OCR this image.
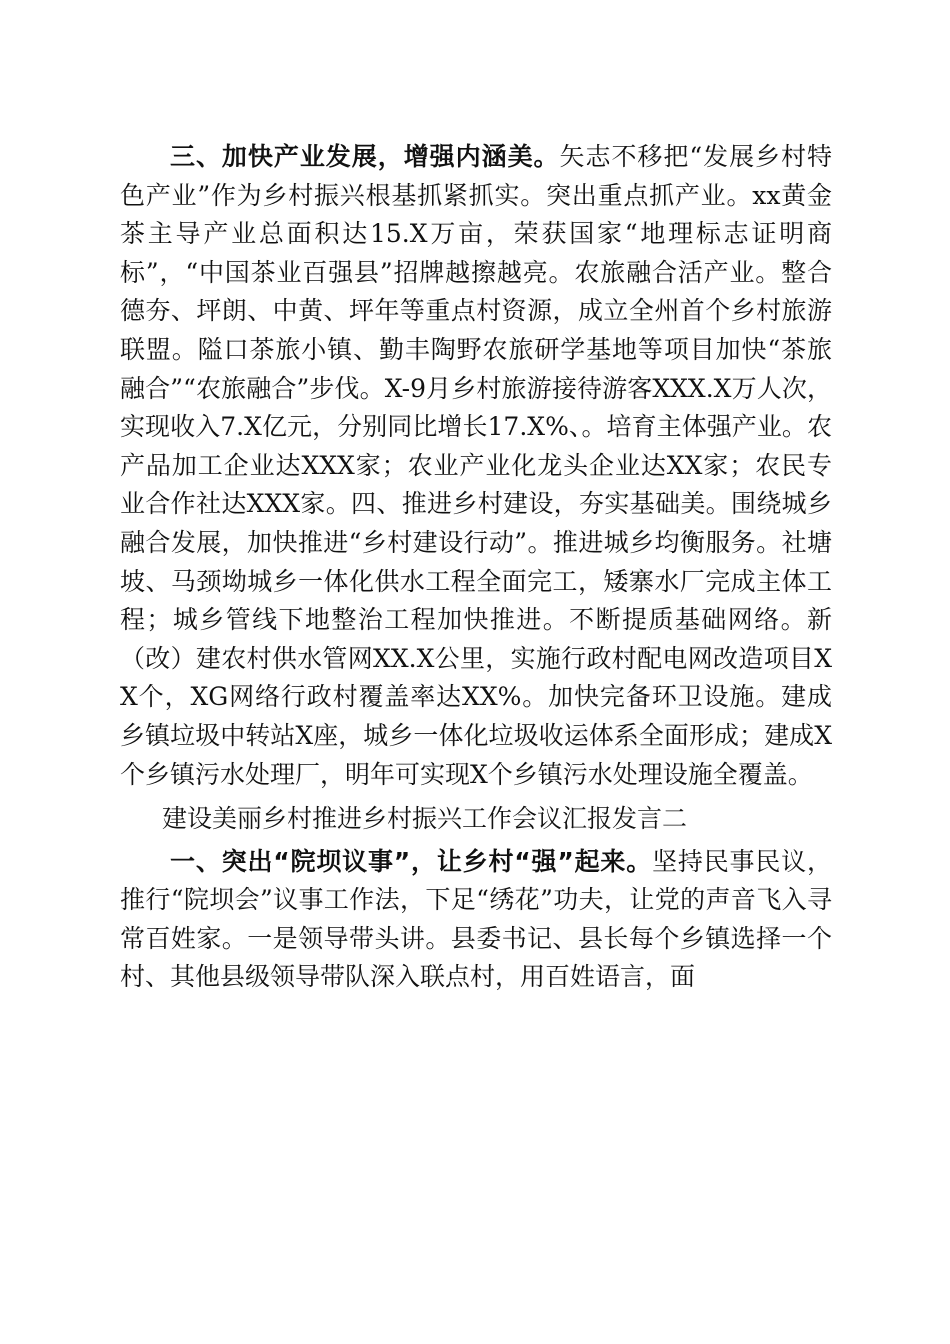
三、加快产业发展，增强内涵美。矢志不移把“发展乡村特色产业”作为乡村振兴根基抓紧抓实。突出重点抓产业。xx黄金茶主导产业总面积达15.X万亩，荣获国家“地理标志证明商标”，“中国茶业百强县”招牌越擦越亮。农旅融合活产业。整合德夯、坪朗、中黄、坪年等重点村资源，成立全州首个乡村旅游联盟。隘口茶旅小镇、勤丰陶野农旅研学基地等项目加快“茶旅融合”“农旅融合”步伐。X-9月乡村旅游接待游客XXX.X万人次，实现收入7.X亿元，分别同比增长17.X%、。培育主体强产业。农产品加工企业达XXX家；农业产业化龙头企业达XX家；农民专业合作社达XXX家。四、推进乡村建设，夯实基础美。围绕城乡融合发展，加快推进“乡村建设行动”。推进城乡均衡服务。社塘坡、马颈坳城乡一体化供水工程全面完工，矮寨水厂完成主体工程；城乡管线下地整治工程加快推进。不断提质基础网络。新（改）建农村供水管网XX.X公里，实施行政村配电网改造项目XX个，XG网络行政村覆盖率达XX%。加快完备环卫设施。建成乡镇垃圾中转站X座，城乡一体化垃圾收运体系全面形成；建成X个乡镇污水处理厂，明年可实现X个乡镇污水处理设施全覆盖。

建设美丽乡村推进乡村振兴工作会议汇报发言二

一、突出“院坝议事”，让乡村“强”起来。坚持民事民议，推行“院坝会”议事工作法，下足“绣花”功夫，让党的声音飞入寻常百姓家。一是领导带头讲。县委书记、县长每个乡镇选择一个村、其他县级领导带队深入联点村，用百姓语言，面
